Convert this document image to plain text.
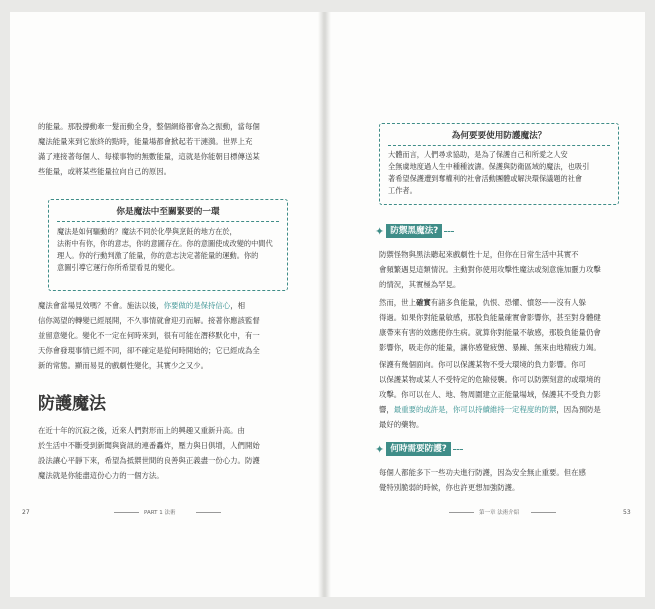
的能量。那股撐動牽一髮而動全身，整個網絡都會為之振動，當每個

魔法能量來到它旅終的點時，能量場都會掀起若干漣漪。世界上充

滿了連接著每個人、每樣事物的無數能量，這就是你能朝目標傳送某

些能量，或將某些能量拉向自己的原因。

你是魔法中至關緊要的一環

魔法是如何驅動的？魔法不同於化學與烹飪的地方在於，

法術中有你，你的意志，你的意圖存在。你的意圖使成改變的中間代

理人。你的行動判激了能量，你的意志決定著能量的運動。你的

意圖引導它運行你所希望看見的變化。

魔法會當場見效嗎？不會。施法以後，你要做的是保持信心，相

信你渴望的轉變已經展開，不久事情就會迎刃而解。接著你應該監督

並留意變化。變化不一定在何時來到，很有可能在潛移默化中，有一

天你會發現事情已經不同，卻不確定是從何時開始的；它已經成為全

新的常態。顯而易見的戲劇性變化，其實少之又少。

防護魔法

在近十年的沉寂之後，近來人們對形而上的興趣又重新升高。由

於生活中不斷受到新聞與資訊的連番轟炸，壓力與日俱增，人們開始

設法讓心平靜下來，希望為抵禦世間的良善與正義盡一份心力。防護

魔法就是你能盡這份心力的一個方法。

27	PART 1 法術
為何要要使用防護魔法？

大體而言，人們尋求協助，是為了保護自己和所愛之人安

全無虞地度過人生中種種波濤。保護與防衛區域的魔法，也吸引

著希望保護遭到奪權利的社會活動團體或解決環保議題的社會

工作者。

✦ 防禦黑魔法?

防禦怪物與黑法聽起來戲劇性十足，但你在日常生活中其實不

會頻繁遇見這類情況。主動對你使用攻擊性魔法或刻意施加靈力攻擊

的情況，其實極為罕見。

然而，世上確實有諸多負能量，仇恨、恐懼、憤怒——沒有人躲

得過。如果你對能量敏感，那股負能量確實會影響你，甚至對身體健

康帶來有害的效應使你生病。就算你對能量不敏感，那股負能量仍會

影響你，吸走你的能量，讓你感覺疲憊、暴躁、無來由地精疲力竭。

保護有幾個面向。你可以保護某物不受大環境的負力影響。你可

以保護某物或某人不受特定的危險侵襲。你可以防禦刻意的或環境的

攻擊。你可以在人、地、物周圍建立正能量場域，保護其不受負力影

響，最重要的或許是，你可以持續維持一定程度的防禦，因為預防是

最好的藥物。

✦ 何時需要防護?

每個人都能多下一些功夫進行防護，因為安全無止重要。但在感

覺特別脆弱的時候，你也許更想加強防護。

第一章 法術介紹	53
